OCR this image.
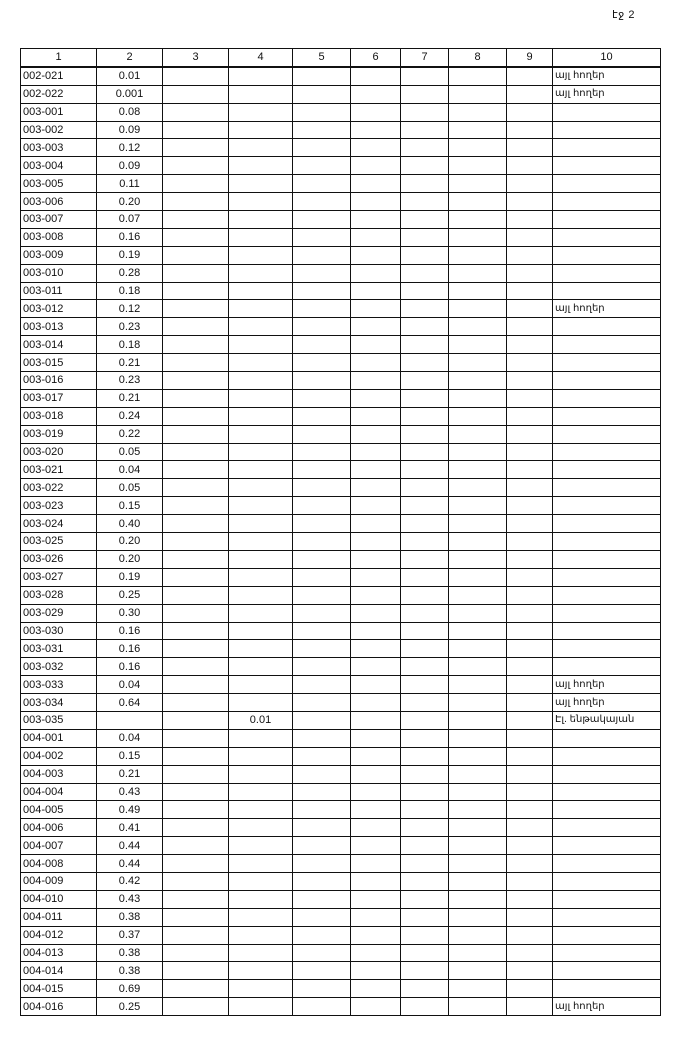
էջ 2
1	2	3	4	5	6	7	8	9	10
002-021	0.01								այլ հողեր
002-022	0.001								այլ հողեր
003-001	0.08								
003-002	0.09								
003-003	0.12								
003-004	0.09								
003-005	0.11								
003-006	0.20								
003-007	0.07								
003-008	0.16								
003-009	0.19								
003-010	0.28								
003-011	0.18								
003-012	0.12								այլ հողեր
003-013	0.23								
003-014	0.18								
003-015	0.21								
003-016	0.23								
003-017	0.21								
003-018	0.24								
003-019	0.22								
003-020	0.05								
003-021	0.04								
003-022	0.05								
003-023	0.15								
003-024	0.40								
003-025	0.20								
003-026	0.20								
003-027	0.19								
003-028	0.25								
003-029	0.30								
003-030	0.16								
003-031	0.16								
003-032	0.16								
003-033	0.04								այլ հողեր
003-034	0.64								այլ հողեր
003-035			0.01						Էլ. ենթակայան
004-001	0.04								
004-002	0.15								
004-003	0.21								
004-004	0.43								
004-005	0.49								
004-006	0.41								
004-007	0.44								
004-008	0.44								
004-009	0.42								
004-010	0.43								
004-011	0.38								
004-012	0.37								
004-013	0.38								
004-014	0.38								
004-015	0.69								
004-016	0.25								այլ հողեր
